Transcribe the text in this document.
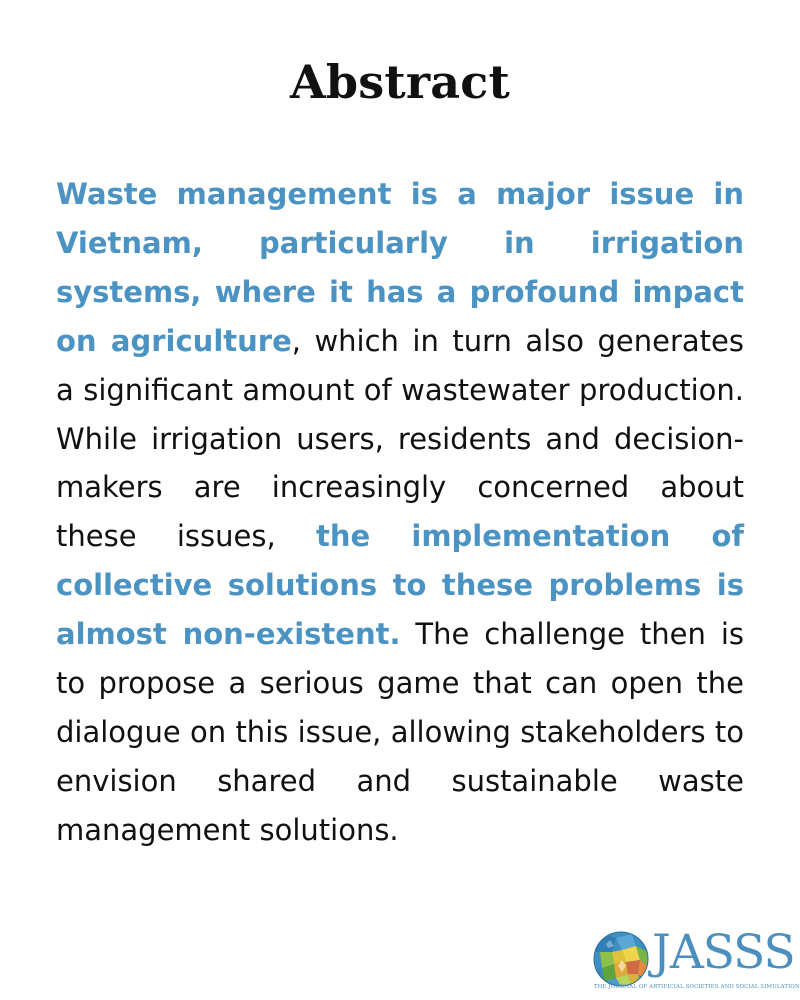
Abstract

Waste management is a major issue in Vietnam, particularly in irrigation systems, where it has a profound impact on agriculture, which in turn also generates a significant amount of wastewater production. While irrigation users, residents and decision-makers are increasingly concerned about these issues, the implementation of collective solutions to these problems is almost non-existent. The challenge then is to propose a serious game that can open the dialogue on this issue, allowing stakeholders to envision shared and sustainable waste management solutions.

JASSS
THE JOURNAL OF ARTIFICIAL SOCIETIES AND SOCIAL SIMULATION
